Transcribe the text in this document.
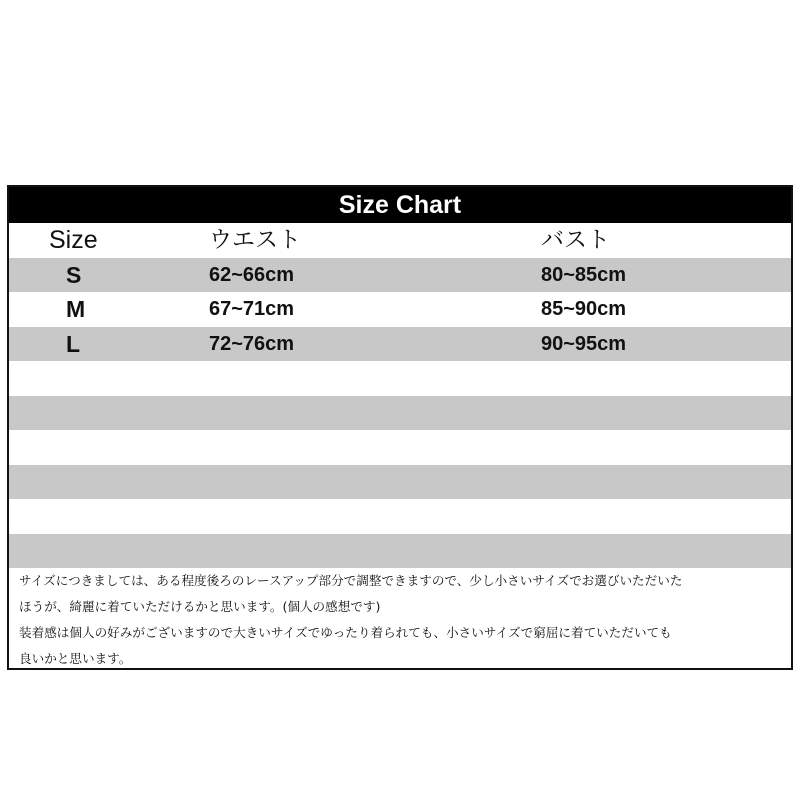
Size Chart
Size	ウエスト	バスト
S	62~66cm	80~85cm
M	67~71cm	85~90cm
L	72~76cm	90~95cm
サイズにつきましては、ある程度後ろのレースアップ部分で調整できますので、少し小さいサイズでお選びいただいた
ほうが、綺麗に着ていただけるかと思います。(個人の感想です)
装着感は個人の好みがございますので大きいサイズでゆったり着られても、小さいサイズで窮屈に着ていただいても
良いかと思います。
